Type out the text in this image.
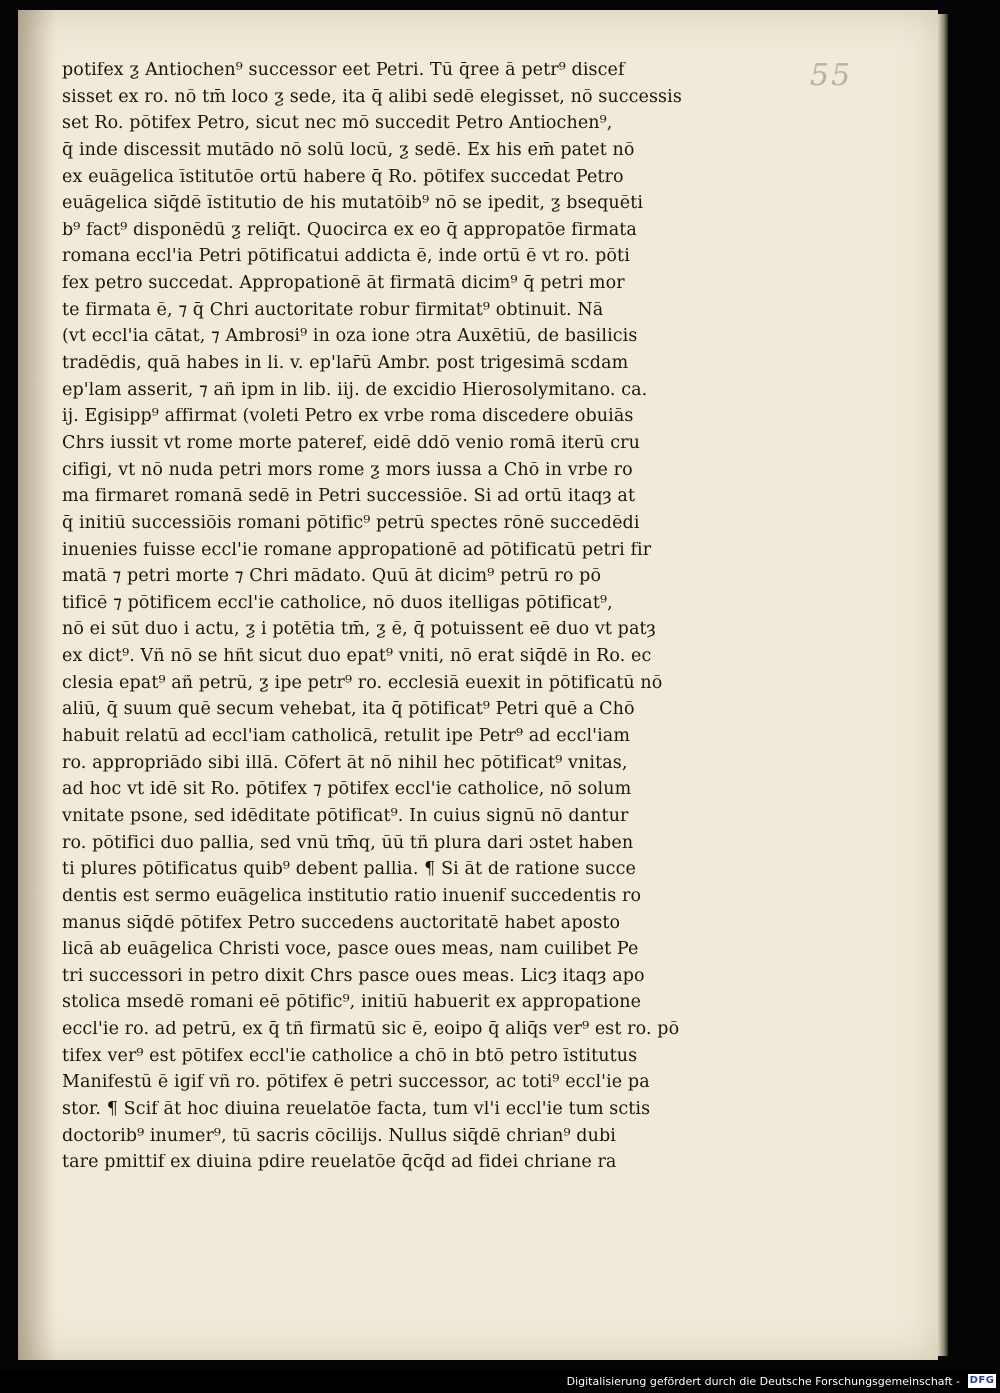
55
potifex ƺ Antiochen⁹ successor eet Petri. Tū q̄ree ā petr⁹ discef
sisset ex ro. nō tm̄ loco ƺ sede, ita q̄ alibi sedē elegisset, nō successis
set Ro. pōtifex Petro, sicut nec mō succedit Petro Antiochen⁹,
q̄ inde discessit mutādo nō solū locū, ƺ sedē. Ex his em̄ patet nō
ex euāgelica īstitutōe ortū habere q̄ Ro. pōtifex succedat Petro
euāgelica siq̄dē īstitutio de his mutatōib⁹ nō se ipedit, ƺ bsequēti
b⁹ fact⁹ disponēdū ƺ reliq̄t. Quocirca ex eo q̄ appropatōe firmata
romana eccl'ia Petri pōtificatui addicta ē, inde ortū ē vt ro. pōti
fex petro succedat. Appropationē āt firmatā dicim⁹ q̄ petri mor
te firmata ē, ⁊ q̄ Chri auctoritate robur firmitat⁹ obtinuit. Nā
(vt eccl'ia cātat, ⁊ Ambrosi⁹ in oza ione ɔtra Auxētiū, de basilicis
tradēdis, quā habes in li. v. ep'lar̄ū Ambr. post trigesimā scdam
ep'lam asserit, ⁊ añ ipm in lib. iij. de excidio Hierosolymitano. ca.
ij. Egisipp⁹ affirmat (voleti Petro ex vrbe roma discedere obuiās
Chrs iussit vt rome morte pateref, eidē ddō venio romā iterū cru
cifigi, vt nō nuda petri mors rome ƺ mors iussa a Chō in vrbe ro
ma firmaret romanā sedē in Petri successiōe. Si ad ortū itaqȝ at
q̄ initiū successiōis romani pōtific⁹ petrū spectes rōnē succedēdi
inuenies fuisse eccl'ie romane appropationē ad pōtificatū petri fir
matā ⁊ petri morte ⁊ Chri mādato. Quū āt dicim⁹ petrū ro pō
tificē ⁊ pōtificem eccl'ie catholice, nō duos itelligas pōtificat⁹,
nō ei sūt duo i actu, ƺ i potētia tm̄, ƺ ē, q̄ potuissent eē duo vt patȝ
ex dict⁹. Vñ nō se hñt sicut duo epat⁹ vniti, nō erat siq̄dē in Ro. ec
clesia epat⁹ añ petrū, ƺ ipe petr⁹ ro. ecclesiā euexit in pōtificatū nō
aliū, q̄ suum quē secum vehebat, ita q̄ pōtificat⁹ Petri quē a Chō
habuit relatū ad eccl'iam catholicā, retulit ipe Petr⁹ ad eccl'iam
ro. appropriādo sibi illā. Cōfert āt nō nihil hec pōtificat⁹ vnitas,
ad hoc vt idē sit Ro. pōtifex ⁊ pōtifex eccl'ie catholice, nō solum
vnitate psone, sed idēditate pōtificat⁹. In cuius signū nō dantur
ro. pōtifici duo pallia, sed vnū tm̄q, ūū tñ plura dari ɔstet haben
ti plures pōtificatus quib⁹ debent pallia. ¶ Si āt de ratione succe
dentis est sermo euāgelica institutio ratio inuenif succedentis ro
manus siq̄dē pōtifex Petro succedens auctoritatē habet aposto
licā ab euāgelica Christi voce, pasce oues meas, nam cuilibet Pe
tri successori in petro dixit Chrs pasce oues meas. Licȝ itaqȝ apo
stolica msedē romani eē pōtific⁹, initiū habuerit ex appropatione
eccl'ie ro. ad petrū, ex q̄ tñ firmatū sic ē, eoipo q̄ aliq̄s ver⁹ est ro. pō
tifex ver⁹ est pōtifex eccl'ie catholice a chō in btō petro īstitutus
Manifestū ē igif vñ ro. pōtifex ē petri successor, ac toti⁹ eccl'ie pa
stor. ¶ Scif āt hoc diuina reuelatōe facta, tum vl'i eccl'ie tum sctis
doctorib⁹ inumer⁹, tū sacris cōcilijs. Nullus siq̄dē chrian⁹ dubi
tare pmittif ex diuina pdire reuelatōe q̄cq̄d ad fidei chriane ra
Digitalisierung gefördert durch die Deutsche Forschungsgemeinschaft - DFG
